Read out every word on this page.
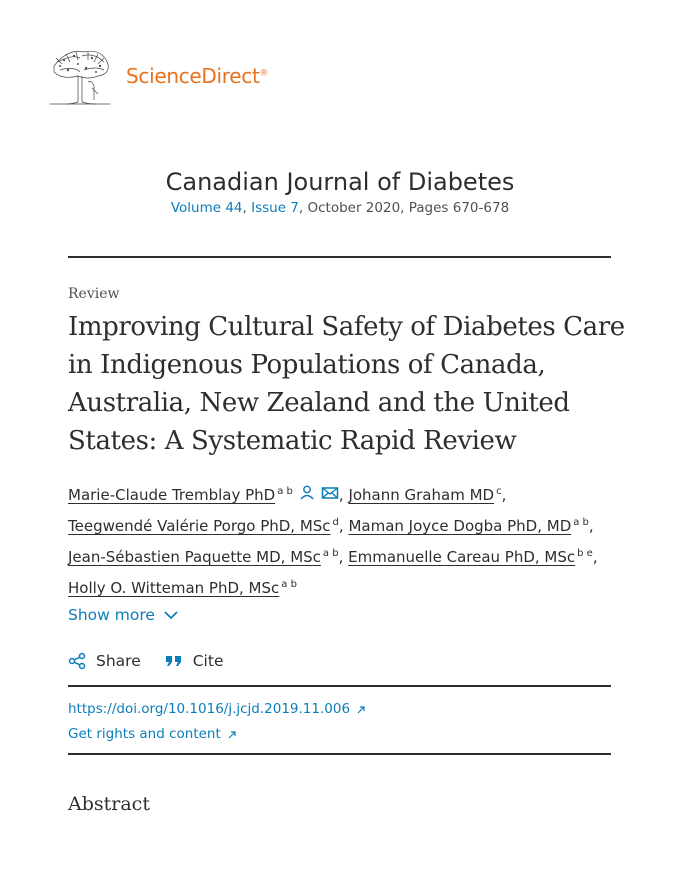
ScienceDirect®
Canadian Journal of Diabetes
Volume 44, Issue 7, October 2020, Pages 670-678
Review
Improving Cultural Safety of Diabetes Care in Indigenous Populations of Canada, Australia, New Zealand and the United States: A Systematic Rapid Review
Marie-Claude Tremblay PhD $^{a b}$	, Johann Graham MD $^c$,
Teegwendé Valérie Porgo PhD, MSc $^d$, Maman Joyce Dogba PhD, MD $^{a b}$,
Jean-Sébastien Paquette MD, MSc $^{a b}$, Emmanuelle Careau PhD, MSc $^{b e}$,
Holly O. Witteman PhD, MSc $^{a b}$
Show more
Share	Cite
https://doi.org/10.1016/j.jcjd.2019.11.006
Get rights and content
Abstract
